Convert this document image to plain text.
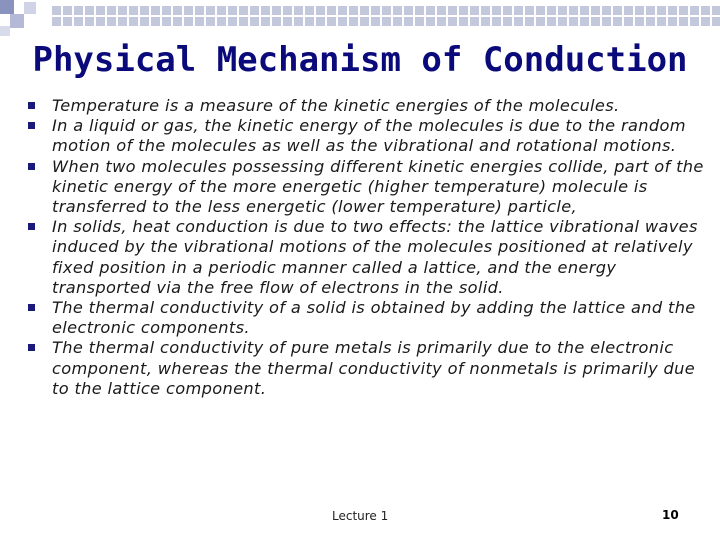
Physical Mechanism of Conduction
Temperature is a measure of the kinetic energies of the molecules.
In a liquid or gas, the kinetic energy of the molecules is due to the random motion of the molecules as well as the vibrational and rotational motions.
When two molecules possessing different kinetic energies collide, part of the kinetic energy of the more energetic (higher temperature) molecule is transferred to the less energetic (lower temperature) particle,
In solids, heat conduction is due to two effects: the lattice vibrational waves induced by the vibrational motions of the molecules positioned at relatively fixed position in a periodic manner called a lattice, and the energy transported via the free flow of electrons in the solid.
The thermal conductivity of a solid is obtained by adding the lattice and the electronic components.
The thermal conductivity of pure metals is primarily due to the electronic component, whereas the thermal conductivity of nonmetals is primarily due to the lattice component.
Lecture 1	10
